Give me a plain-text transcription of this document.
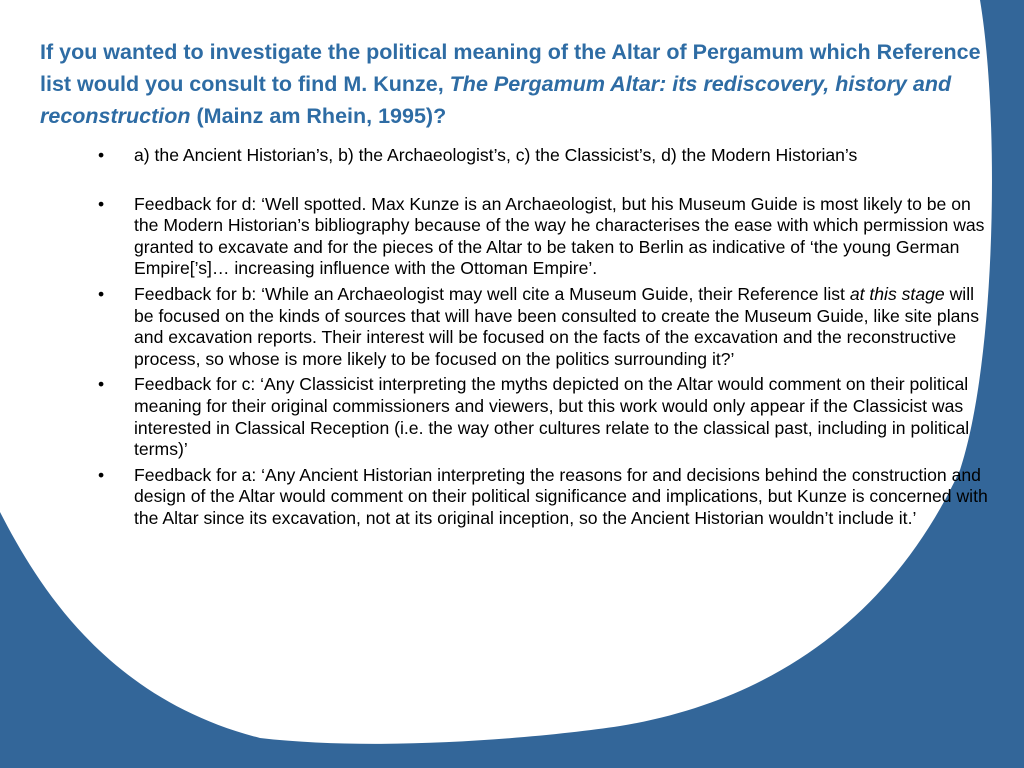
If you wanted to investigate the political meaning of the Altar of Pergamum which Reference list would you consult to find M. Kunze, The Pergamum Altar: its rediscovery, history and reconstruction (Mainz am Rhein, 1995)?
• a) the Ancient Historian’s, b) the Archaeologist’s, c) the Classicist’s, d) the Modern Historian’s
• Feedback for d: ‘Well spotted. Max Kunze is an Archaeologist, but his Museum Guide is most likely to be on the Modern Historian’s bibliography because of the way he characterises the ease with which permission was granted to excavate and for the pieces of the Altar to be taken to Berlin as indicative of ‘the young German Empire[’s]… increasing influence with the Ottoman Empire’.
• Feedback for b: ‘While an Archaeologist may well cite a Museum Guide, their Reference list at this stage will be focused on the kinds of sources that will have been consulted to create the Museum Guide, like site plans and excavation reports. Their interest will be focused on the facts of the excavation and the reconstructive process, so whose is more likely to be focused on the politics surrounding it?’
• Feedback for c: ‘Any Classicist interpreting the myths depicted on the Altar would comment on their political meaning for their original commissioners and viewers, but this work would only appear if the Classicist was interested in Classical Reception (i.e. the way other cultures relate to the classical past, including in political terms)’
• Feedback for a: ‘Any Ancient Historian interpreting the reasons for and decisions behind the construction and design of the Altar would comment on their political significance and implications, but Kunze is concerned with the Altar since its excavation, not at its original inception, so the Ancient Historian wouldn’t include it.’
